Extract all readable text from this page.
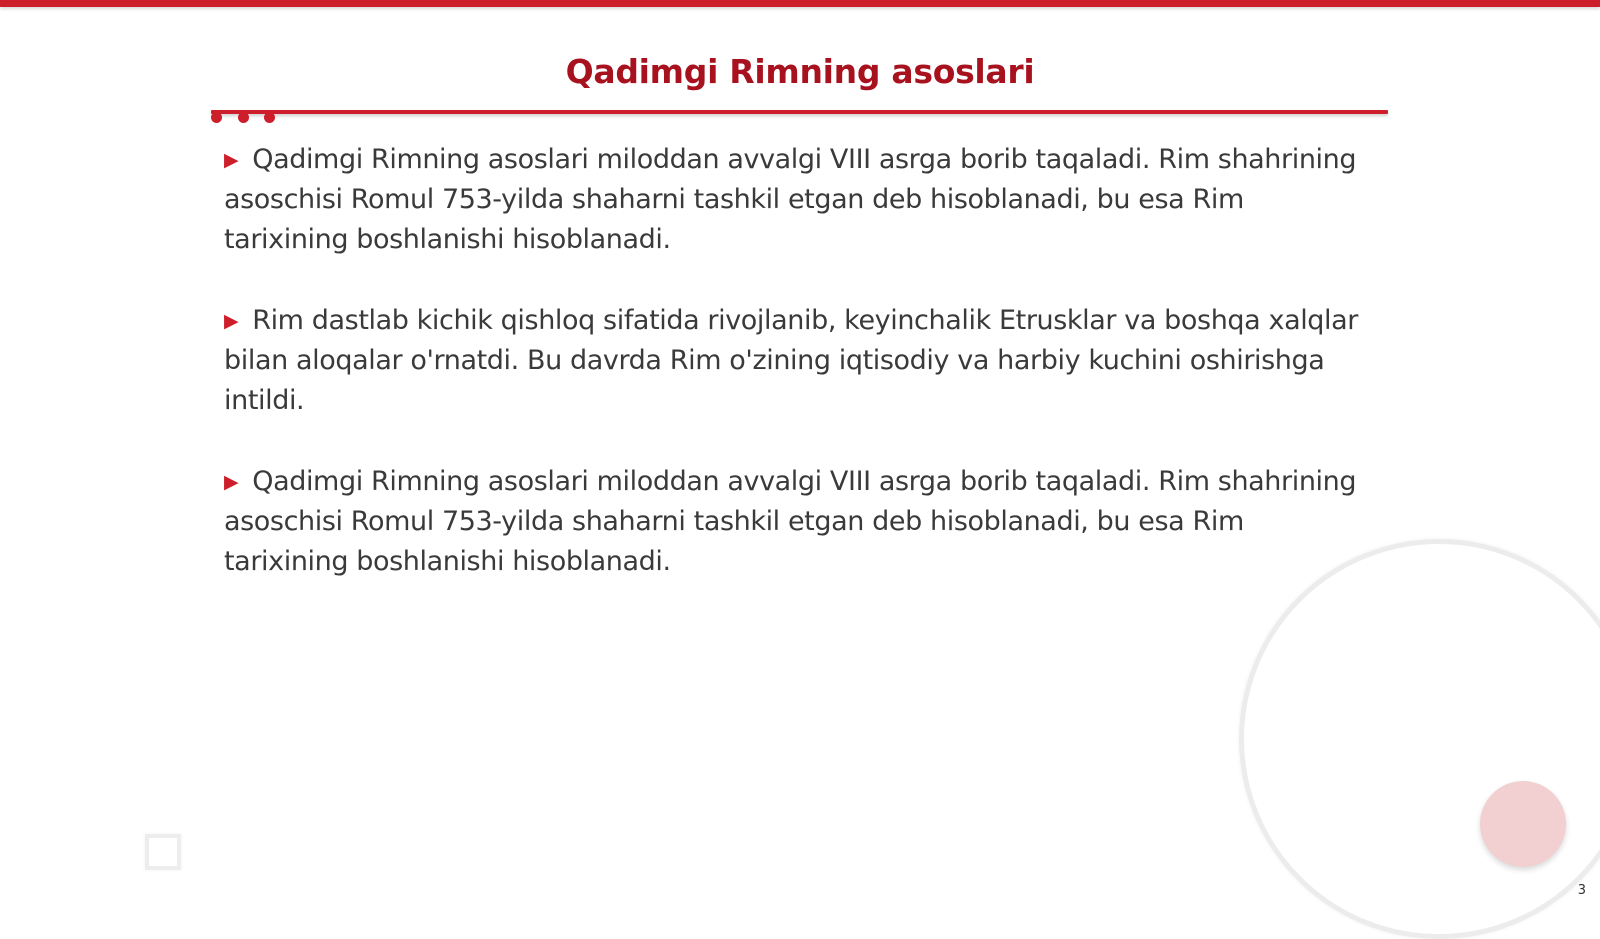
Qadimgi Rimning asoslari

▶ Qadimgi Rimning asoslari miloddan avvalgi VIII asrga borib taqaladi. Rim shahrining asoschisi Romul 753-yilda shaharni tashkil etgan deb hisoblanadi, bu esa Rim tarixining boshlanishi hisoblanadi.

▶ Rim dastlab kichik qishloq sifatida rivojlanib, keyinchalik Etrusklar va boshqa xalqlar bilan aloqalar o'rnatdi. Bu davrda Rim o'zining iqtisodiy va harbiy kuchini oshirishga intildi.

▶ Qadimgi Rimning asoslari miloddan avvalgi VIII asrga borib taqaladi. Rim shahrining asoschisi Romul 753-yilda shaharni tashkil etgan deb hisoblanadi, bu esa Rim tarixining boshlanishi hisoblanadi.

3
